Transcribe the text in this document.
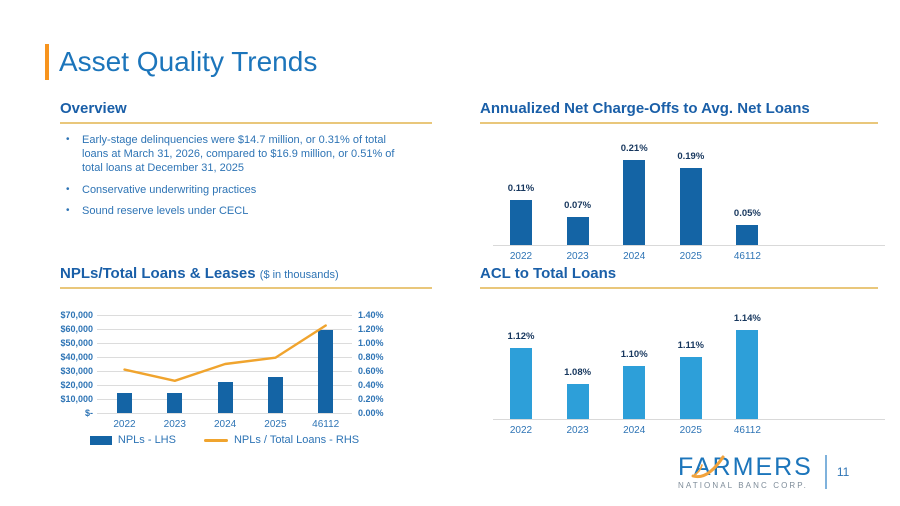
Asset Quality Trends
Overview
•	Early-stage delinquencies were $14.7 million, or 0.31% of total loans at March 31, 2026, compared to $16.9 million, or 0.51% of total loans at December 31, 2025
•	Conservative underwriting practices
•	Sound reserve levels under CECL
Annualized Net Charge-Offs to Avg. Net Loans
0.11%
2022
0.07%
2023
0.21%
2024
0.19%
2025
0.05%
46112
NPLs/Total Loans & Leases ($ in thousands)
NPLs - LHS	NPLs / Total Loans - RHS
$70,000	1.40%
$60,000	1.20%
$50,000	1.00%
$40,000	0.80%
$30,000	0.60%
$20,000	0.40%
$10,000	0.20%
$-	0.00%
2022	2023	2024	2025	46112
ACL to Total Loans
1.12%
2022
1.08%
2023
1.10%
2024
1.11%
2025
1.14%
46112
FARMERS
NATIONAL BANC CORP.
11
